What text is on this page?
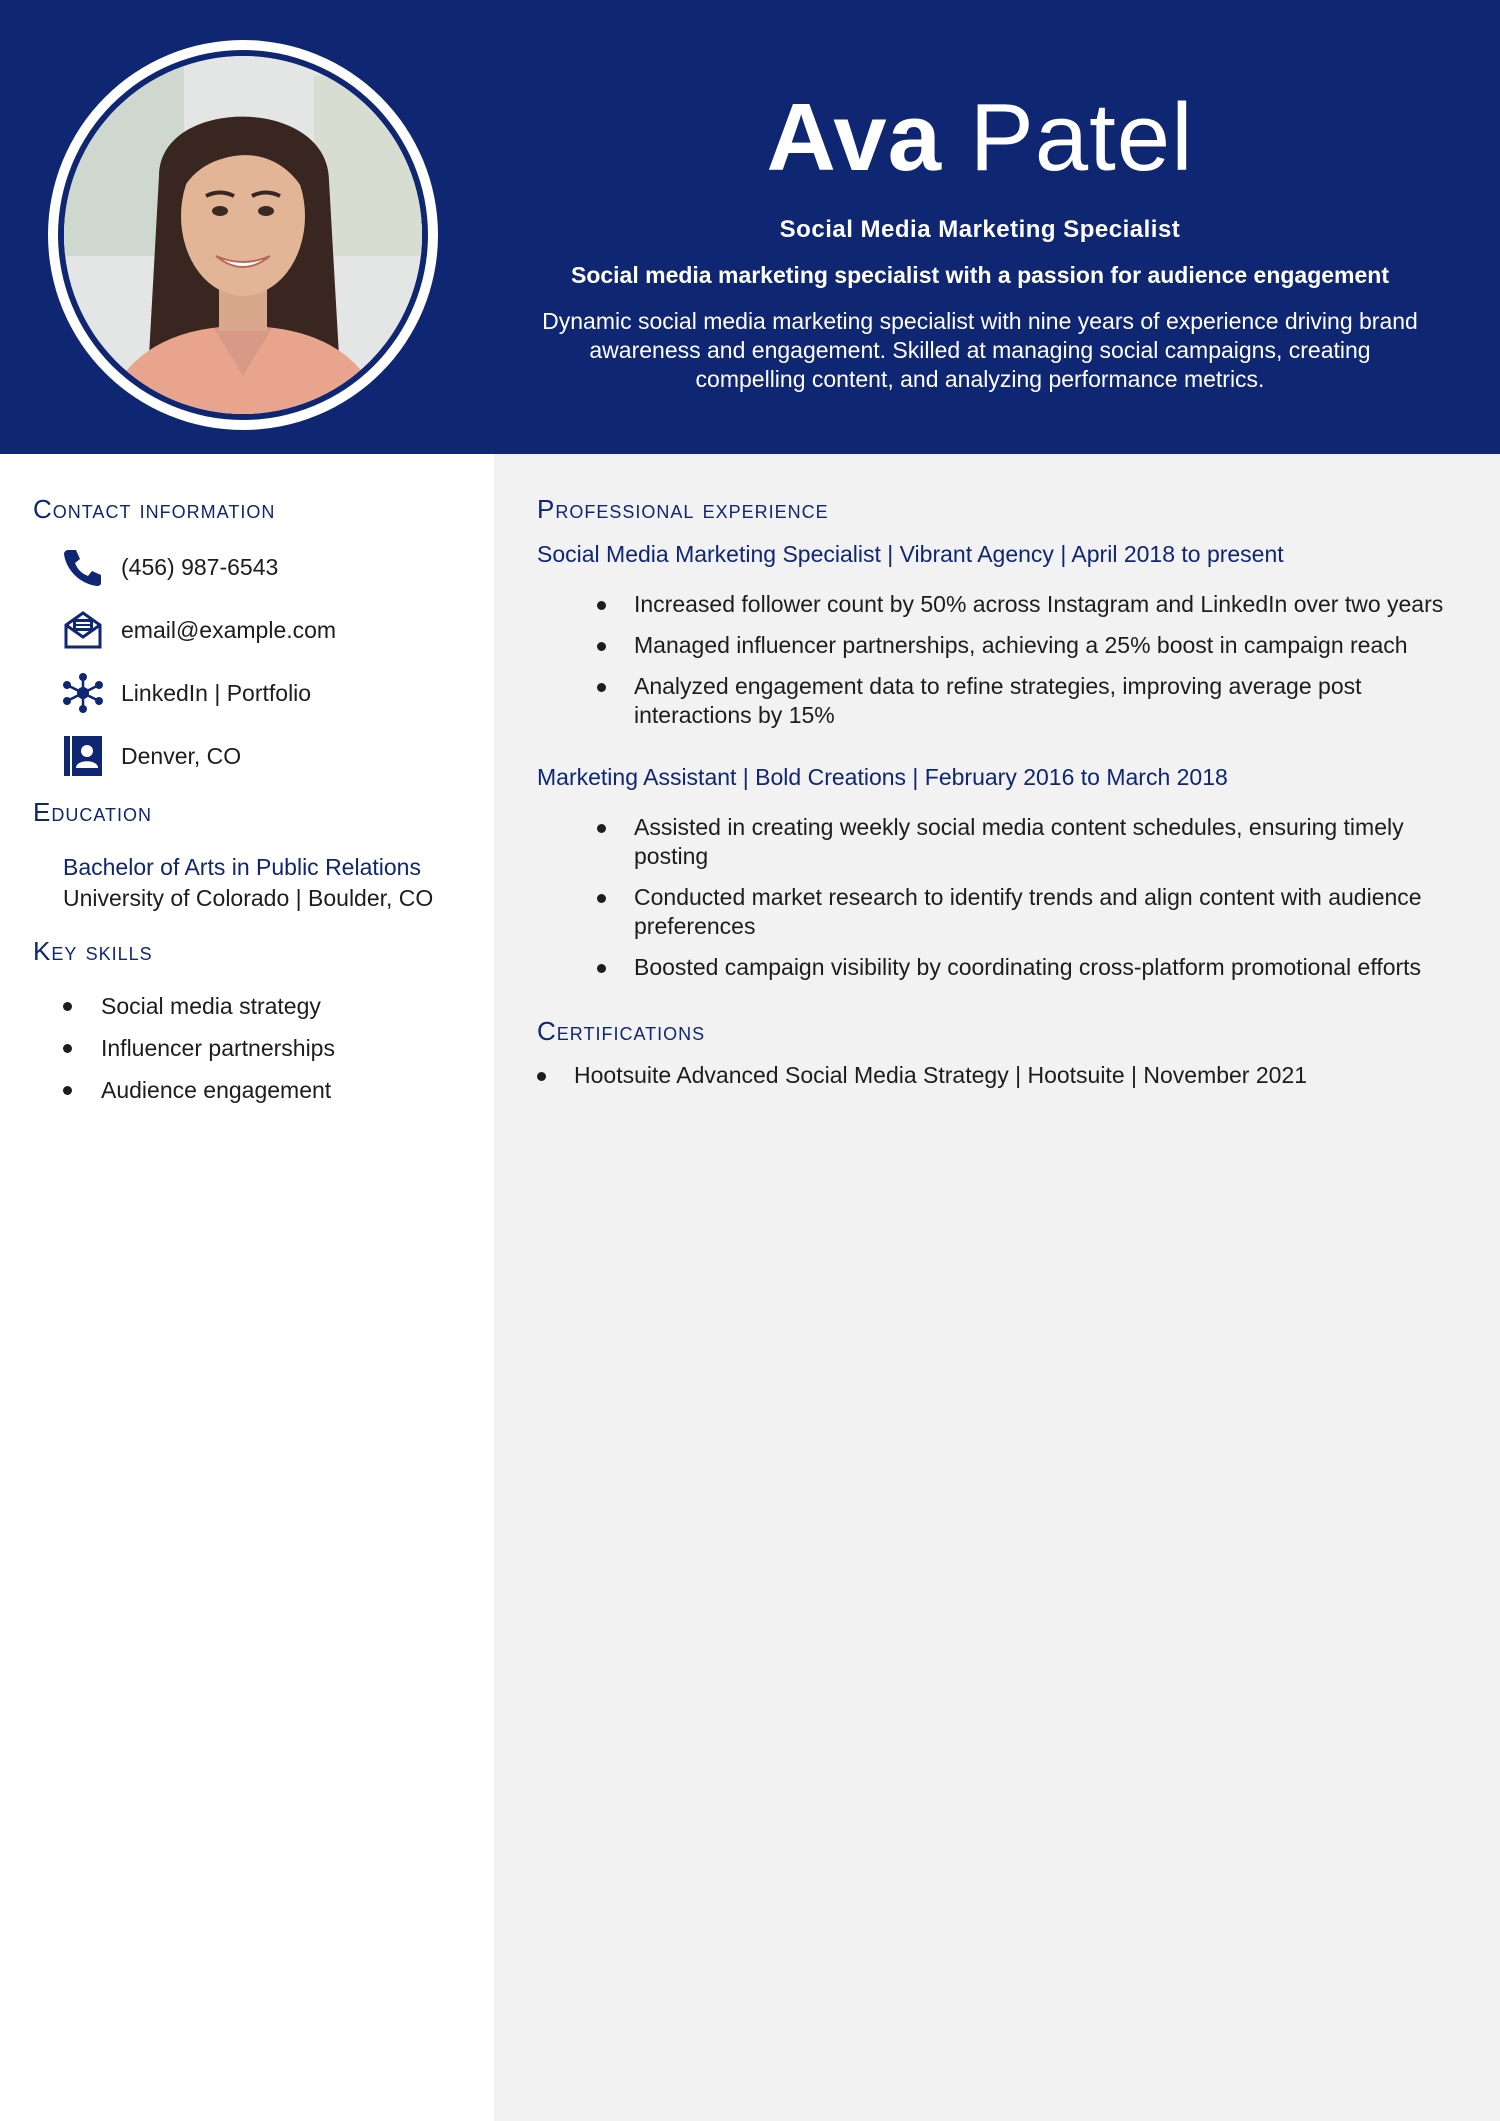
Ava Patel
Social Media Marketing Specialist
Social media marketing specialist with a passion for audience engagement
Dynamic social media marketing specialist with nine years of experience driving brand awareness and engagement. Skilled at managing social campaigns, creating compelling content, and analyzing performance metrics.
Contact information
(456) 987-6543
email@example.com
LinkedIn | Portfolio
Denver, CO
Education
Bachelor of Arts in Public Relations
University of Colorado | Boulder, CO
Key skills
Social media strategy
Influencer partnerships
Audience engagement
Professional experience
Social Media Marketing Specialist | Vibrant Agency | April 2018 to present
Increased follower count by 50% across Instagram and LinkedIn over two years
Managed influencer partnerships, achieving a 25% boost in campaign reach
Analyzed engagement data to refine strategies, improving average post interactions by 15%
Marketing Assistant | Bold Creations | February 2016 to March 2018
Assisted in creating weekly social media content schedules, ensuring timely posting
Conducted market research to identify trends and align content with audience preferences
Boosted campaign visibility by coordinating cross-platform promotional efforts
Certifications
Hootsuite Advanced Social Media Strategy | Hootsuite | November 2021
